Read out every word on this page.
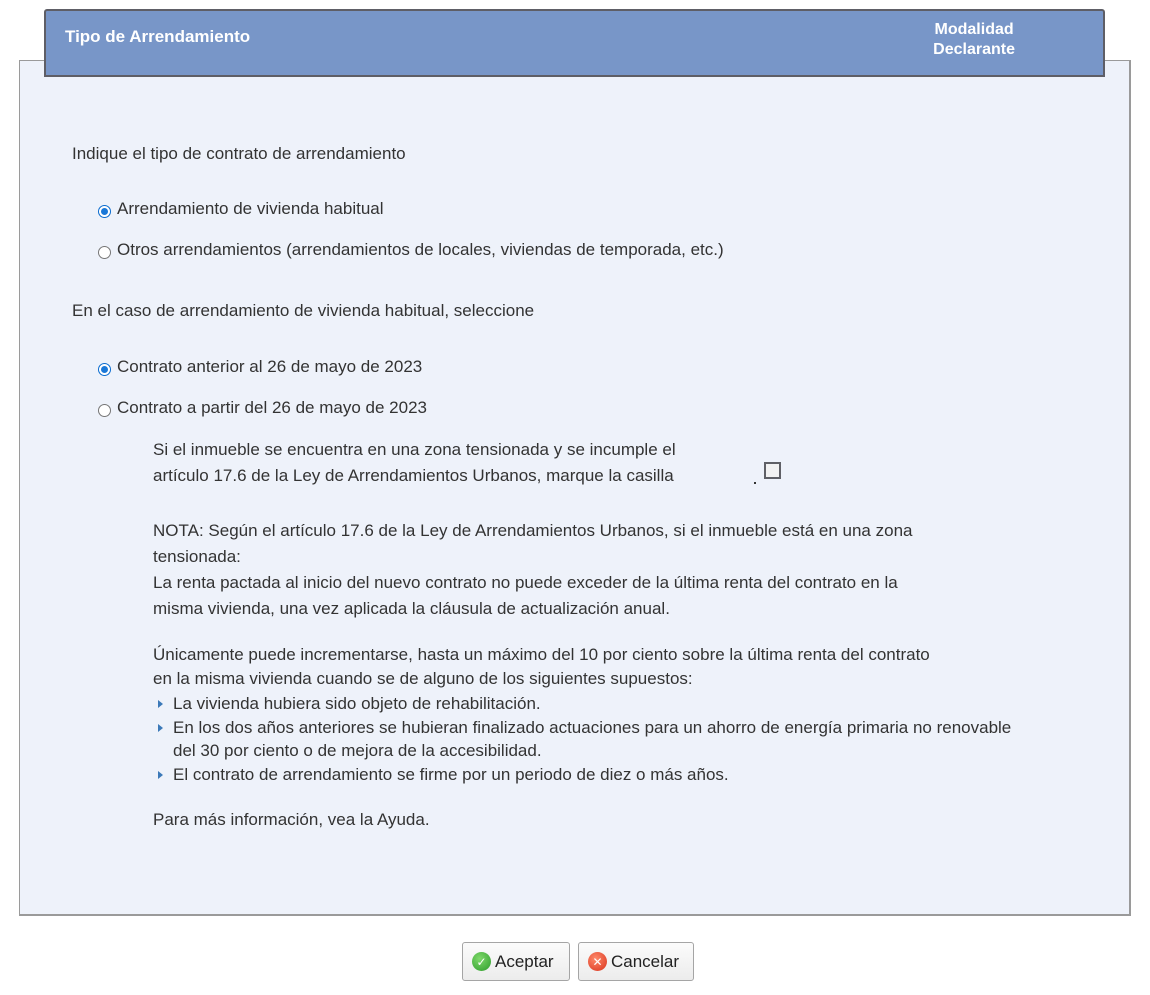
Tipo de Arrendamiento	Modalidad
Declarante
Indique el tipo de contrato de arrendamiento
Arrendamiento de vivienda habitual
Otros arrendamientos (arrendamientos de locales, viviendas de temporada, etc.)
En el caso de arrendamiento de vivienda habitual, seleccione
Contrato anterior al 26 de mayo de 2023
Contrato a partir del 26 de mayo de 2023
Si el inmueble se encuentra en una zona tensionada y se incumple el
artículo 17.6 de la Ley de Arrendamientos Urbanos, marque la casilla
NOTA: Según el artículo 17.6 de la Ley de Arrendamientos Urbanos, si el inmueble está en una zona
tensionada:
La renta pactada al inicio del nuevo contrato no puede exceder de la última renta del contrato en la
misma vivienda, una vez aplicada la cláusula de actualización anual.
Únicamente puede incrementarse, hasta un máximo del 10 por ciento sobre la última renta del contrato
en la misma vivienda cuando se de alguno de los siguientes supuestos:
La vivienda hubiera sido objeto de rehabilitación.
En los dos años anteriores se hubieran finalizado actuaciones para un ahorro de energía primaria no renovable del 30 por ciento o de mejora de la accesibilidad.
El contrato de arrendamiento se firme por un periodo de diez o más años.
Para más información, vea la Ayuda.
✓ Aceptar	✕ Cancelar
